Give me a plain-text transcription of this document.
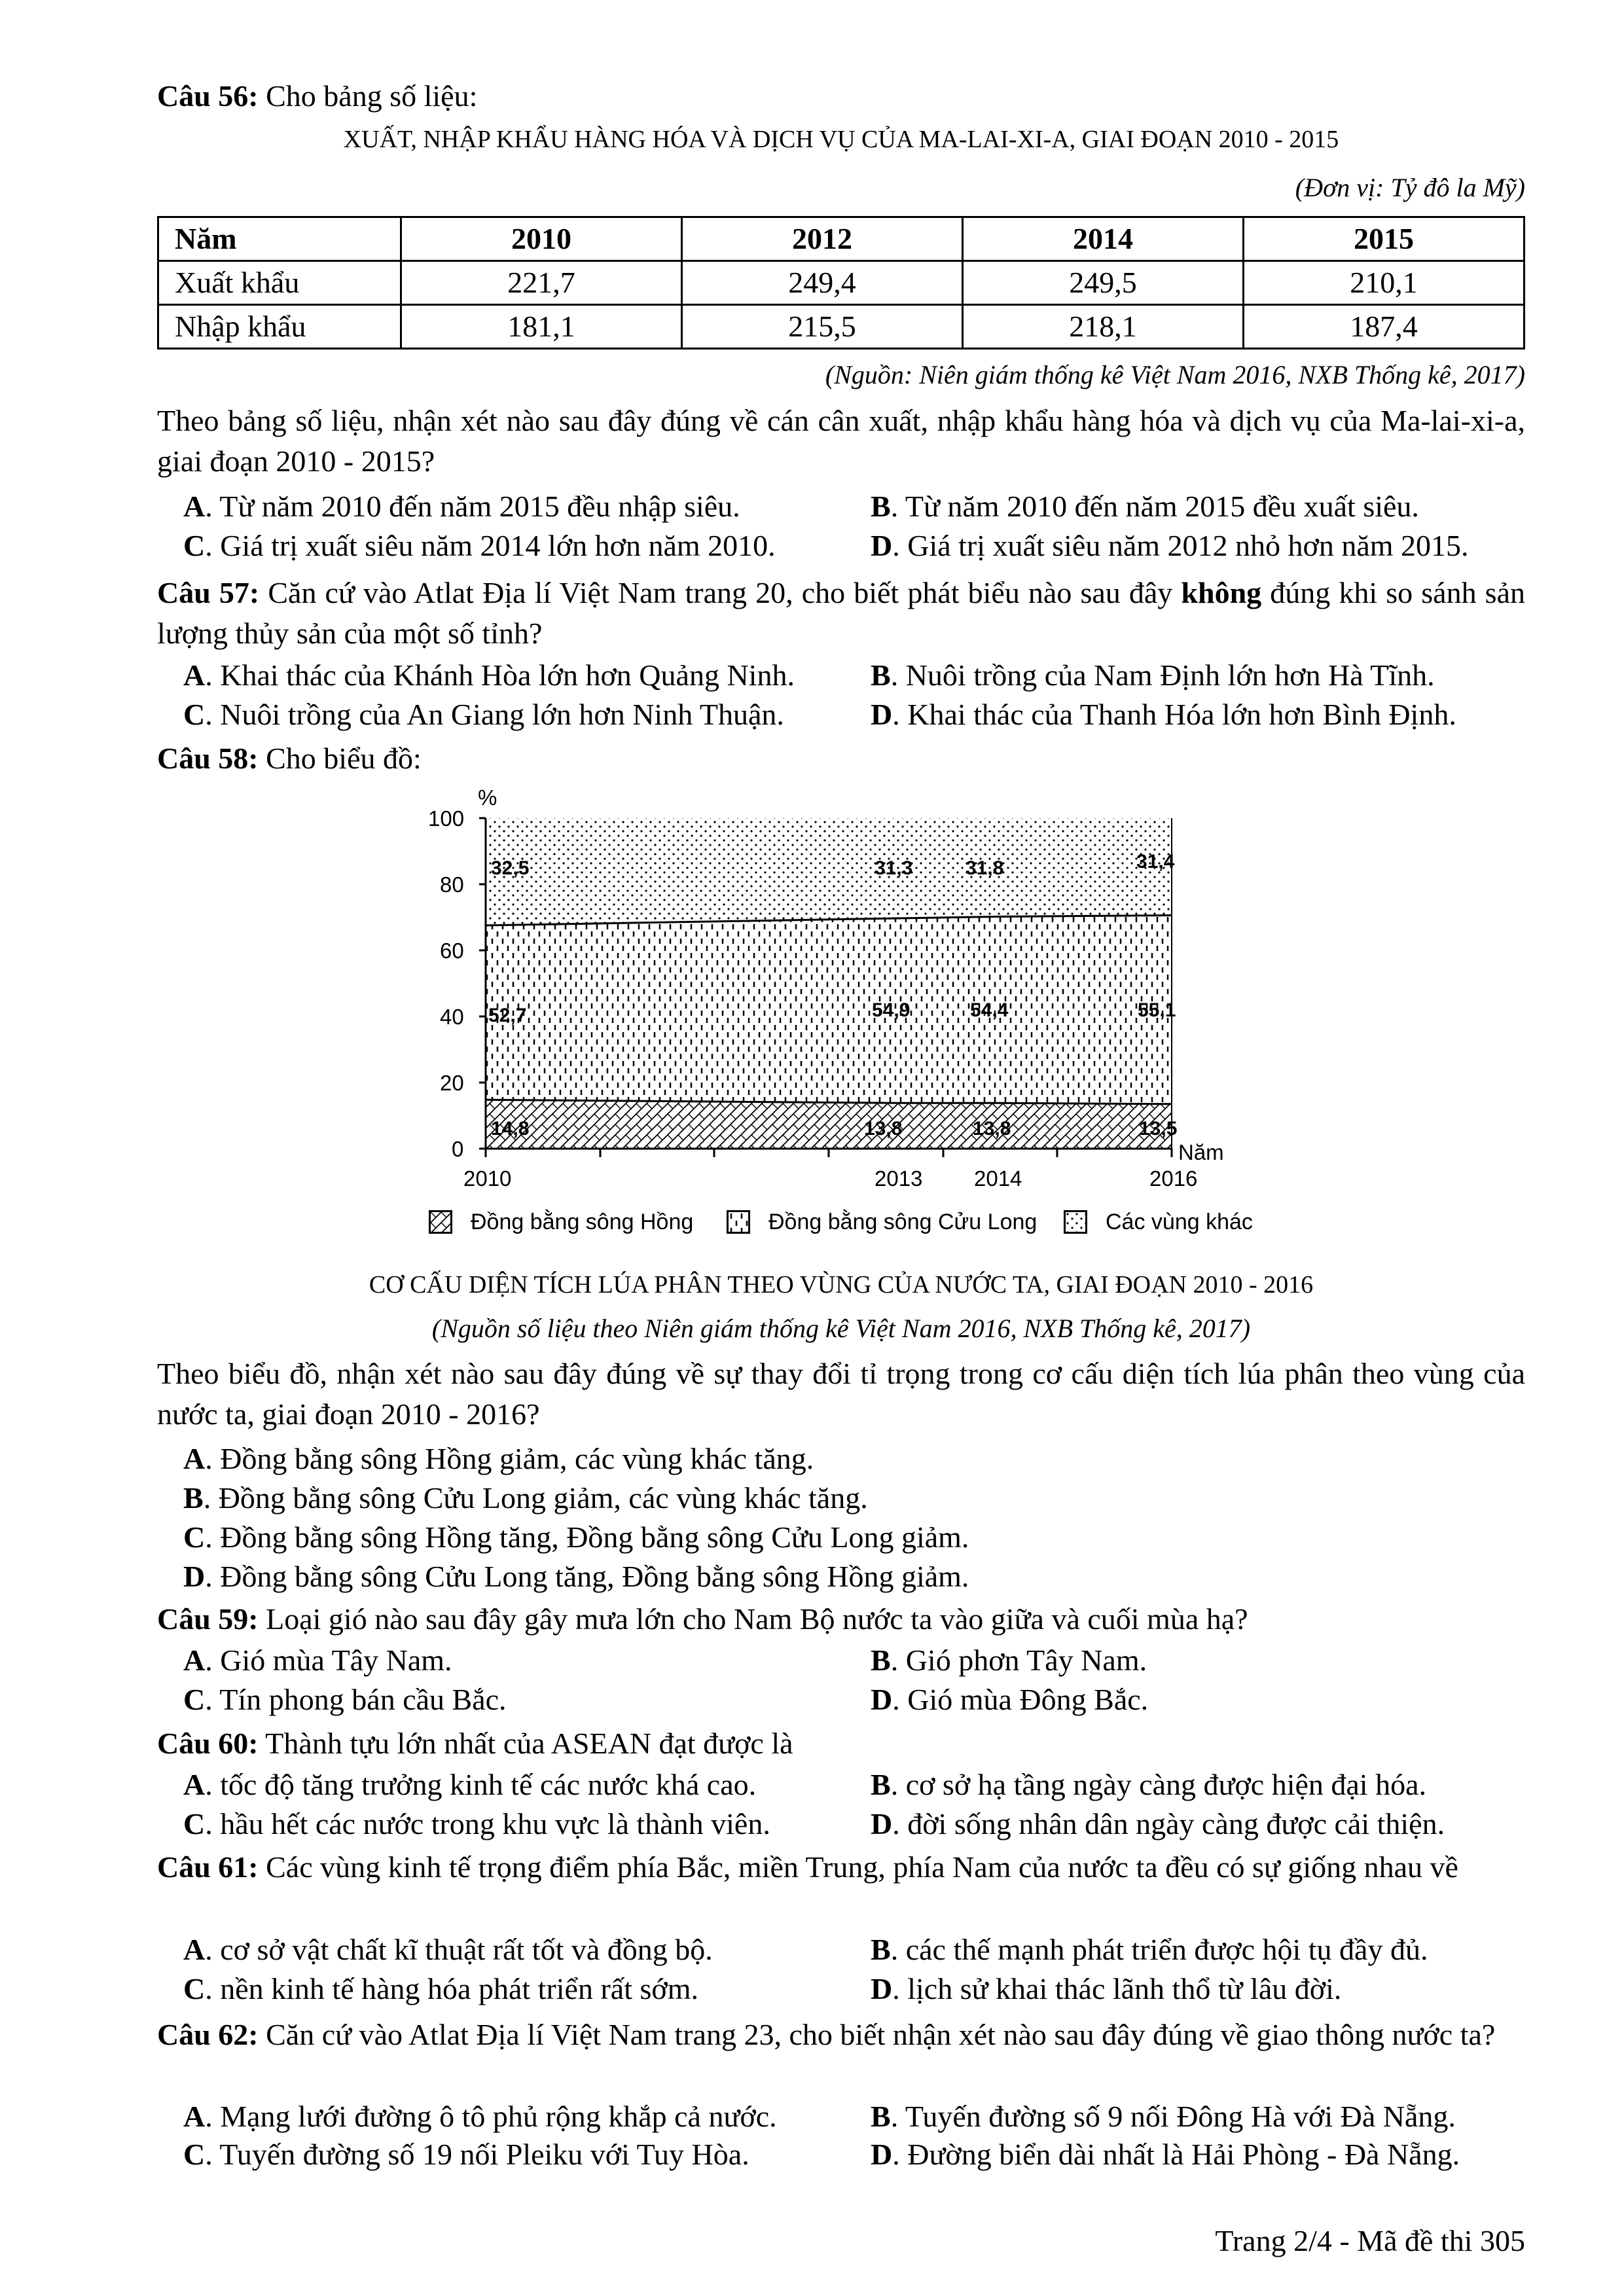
Câu 56: Cho bảng số liệu:
XUẤT, NHẬP KHẨU HÀNG HÓA VÀ DỊCH VỤ CỦA MA-LAI-XI-A, GIAI ĐOẠN 2010 - 2015
(Đơn vị: Tỷ đô la Mỹ)
Năm	2010	2012	2014	2015
Xuất khẩu	221,7	249,4	249,5	210,1
Nhập khẩu	181,1	215,5	218,1	187,4
(Nguồn: Niên giám thống kê Việt Nam 2016, NXB Thống kê, 2017)
Theo bảng số liệu, nhận xét nào sau đây đúng về cán cân xuất, nhập khẩu hàng hóa và dịch vụ của Ma-lai-xi-a, giai đoạn 2010 - 2015?
A. Từ năm 2010 đến năm 2015 đều nhập siêu.	B. Từ năm 2010 đến năm 2015 đều xuất siêu.
C. Giá trị xuất siêu năm 2014 lớn hơn năm 2010.	D. Giá trị xuất siêu năm 2012 nhỏ hơn năm 2015.
Câu 57: Căn cứ vào Atlat Địa lí Việt Nam trang 20, cho biết phát biểu nào sau đây không đúng khi so sánh sản lượng thủy sản của một số tỉnh?
A. Khai thác của Khánh Hòa lớn hơn Quảng Ninh.	B. Nuôi trồng của Nam Định lớn hơn Hà Tĩnh.
C. Nuôi trồng của An Giang lớn hơn Ninh Thuận.	D. Khai thác của Thanh Hóa lớn hơn Bình Định.
Câu 58: Cho biểu đồ:
%
100
80
60
40
20
0
2010	2013 2014	2016
Năm
32,5	31,3	31,8	31,4
52,7	54,9	54,4	55,1
14,8	13,8	13,8	13,5
Đồng bằng sông Hồng	Đồng bằng sông Cửu Long	Các vùng khác
CƠ CẤU DIỆN TÍCH LÚA PHÂN THEO VÙNG CỦA NƯỚC TA, GIAI ĐOẠN 2010 - 2016
(Nguồn số liệu theo Niên giám thống kê Việt Nam 2016, NXB Thống kê, 2017)
Theo biểu đồ, nhận xét nào sau đây đúng về sự thay đổi tỉ trọng trong cơ cấu diện tích lúa phân theo vùng của nước ta, giai đoạn 2010 - 2016?
A. Đồng bằng sông Hồng giảm, các vùng khác tăng.
B. Đồng bằng sông Cửu Long giảm, các vùng khác tăng.
C. Đồng bằng sông Hồng tăng, Đồng bằng sông Cửu Long giảm.
D. Đồng bằng sông Cửu Long tăng, Đồng bằng sông Hồng giảm.
Câu 59: Loại gió nào sau đây gây mưa lớn cho Nam Bộ nước ta vào giữa và cuối mùa hạ?
A. Gió mùa Tây Nam.	B. Gió phơn Tây Nam.
C. Tín phong bán cầu Bắc.	D. Gió mùa Đông Bắc.
Câu 60: Thành tựu lớn nhất của ASEAN đạt được là
A. tốc độ tăng trưởng kinh tế các nước khá cao.	B. cơ sở hạ tầng ngày càng được hiện đại hóa.
C. hầu hết các nước trong khu vực là thành viên.	D. đời sống nhân dân ngày càng được cải thiện.
Câu 61: Các vùng kinh tế trọng điểm phía Bắc, miền Trung, phía Nam của nước ta đều có sự giống nhau về
A. cơ sở vật chất kĩ thuật rất tốt và đồng bộ.	B. các thế mạnh phát triển được hội tụ đầy đủ.
C. nền kinh tế hàng hóa phát triển rất sớm.	D. lịch sử khai thác lãnh thổ từ lâu đời.
Câu 62: Căn cứ vào Atlat Địa lí Việt Nam trang 23, cho biết nhận xét nào sau đây đúng về giao thông nước ta?
A. Mạng lưới đường ô tô phủ rộng khắp cả nước.	B. Tuyến đường số 9 nối Đông Hà với Đà Nẵng.
C. Tuyến đường số 19 nối Pleiku với Tuy Hòa.	D. Đường biển dài nhất là Hải Phòng - Đà Nẵng.
Trang 2/4 - Mã đề thi 305
